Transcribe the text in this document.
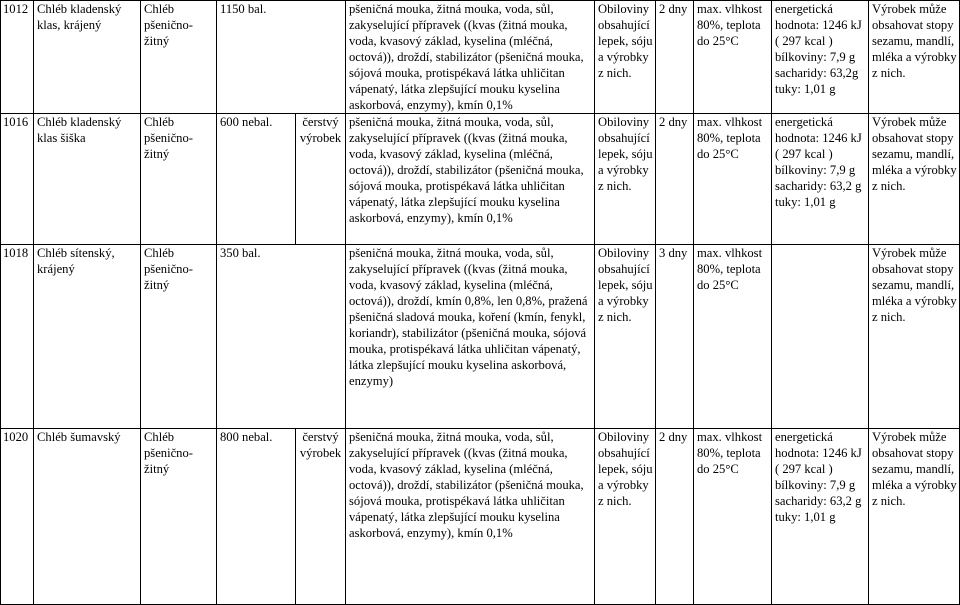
1012	Chléb kladenský klas, krájený	Chléb pšenično-žitný	1150 bal.		pšeničná mouka, žitná mouka, voda, sůl, zakyselující přípravek ((kvas (žitná mouka, voda, kvasový základ, kyselina (mléčná, octová)), droždí, stabilizátor (pšeničná mouka, sójová mouka, protispékavá látka uhličitan vápenatý, látka zlepšující mouku kyselina askorbová, enzymy), kmín 0,1%	Obiloviny obsahující lepek, sóju a výrobky z nich.	2 dny	max. vlhkost 80%, teplota do 25°C	energetická hodnota: 1246 kJ ( 297 kcal ) bílkoviny: 7,9 g sacharidy: 63,2g tuky: 1,01 g	Výrobek může obsahovat stopy sezamu, mandlí, mléka a výrobky z nich.
1016	Chléb kladenský klas šiška	Chléb pšenično-žitný	600 nebal.	čerstvý výrobek	pšeničná mouka, žitná mouka, voda, sůl, zakyselující přípravek ((kvas (žitná mouka, voda, kvasový základ, kyselina (mléčná, octová)), droždí, stabilizátor (pšeničná mouka, sójová mouka, protispékavá látka uhličitan vápenatý, látka zlepšující mouku kyselina askorbová, enzymy), kmín 0,1%	Obiloviny obsahující lepek, sóju a výrobky z nich.	2 dny	max. vlhkost 80%, teplota do 25°C	energetická hodnota: 1246 kJ ( 297 kcal ) bílkoviny: 7,9 g sacharidy: 63,2 g tuky: 1,01 g	Výrobek může obsahovat stopy sezamu, mandlí, mléka a výrobky z nich.
1018	Chléb sítenský, krájený	Chléb pšenično-žitný	350 bal.		pšeničná mouka, žitná mouka, voda, sůl, zakyselující přípravek ((kvas (žitná mouka, voda, kvasový základ, kyselina (mléčná, octová)), droždí, kmín 0,8%, len 0,8%, pražená pšeničná sladová mouka, koření (kmín, fenykl, koriandr), stabilizátor (pšeničná mouka, sójová mouka, protispékavá látka uhličitan vápenatý, látka zlepšující mouku kyselina askorbová, enzymy)	Obiloviny obsahující lepek, sóju a výrobky z nich.	3 dny	max. vlhkost 80%, teplota do 25°C		Výrobek může obsahovat stopy sezamu, mandlí, mléka a výrobky z nich.
1020	Chléb šumavský	Chléb pšenično-žitný	800 nebal.	čerstvý výrobek	pšeničná mouka, žitná mouka, voda, sůl, zakyselující přípravek ((kvas (žitná mouka, voda, kvasový základ, kyselina (mléčná, octová)), droždí, stabilizátor (pšeničná mouka, sójová mouka, protispékavá látka uhličitan vápenatý, látka zlepšující mouku kyselina askorbová, enzymy), kmín 0,1%	Obiloviny obsahující lepek, sóju a výrobky z nich.	2 dny	max. vlhkost 80%, teplota do 25°C	energetická hodnota: 1246 kJ ( 297 kcal ) bílkoviny: 7,9 g sacharidy: 63,2 g tuky: 1,01 g	Výrobek může obsahovat stopy sezamu, mandlí, mléka a výrobky z nich.
